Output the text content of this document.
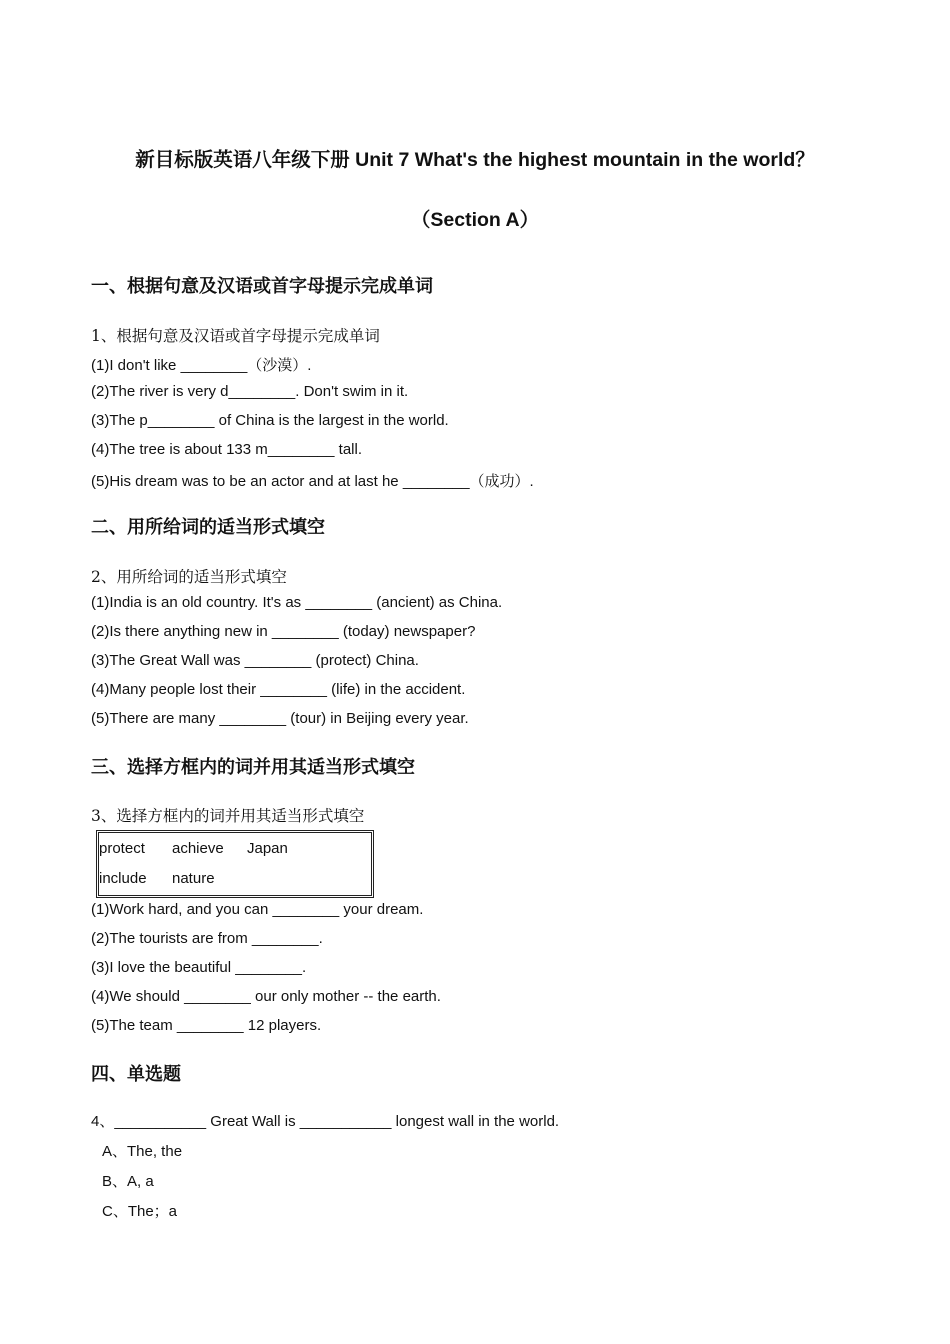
新目标版英语八年级下册 Unit 7 What's the highest mountain in the world？
（Section A）
一、根据句意及汉语或首字母提示完成单词
1、根据句意及汉语或首字母提示完成单词
(1)I don't like ________（沙漠）.
(2)The river is very d________. Don't swim in it.
(3)The p________ of China is the largest in the world.
(4)The tree is about 133 m________ tall.
(5)His dream was to be an actor and at last he ________（成功）.
二、用所给词的适当形式填空
2、用所给词的适当形式填空
(1)India is an old country. It's as ________ (ancient) as China.
(2)Is there anything new in ________ (today) newspaper?
(3)The Great Wall was ________ (protect) China.
(4)Many people lost their ________ (life) in the accident.
(5)There are many ________ (tour) in Beijing every year.
三、选择方框内的词并用其适当形式填空
3、选择方框内的词并用其适当形式填空
protect achieve Japan
include nature
(1)Work hard, and you can ________ your dream.
(2)The tourists are from ________.
(3)I love the beautiful ________.
(4)We should ________ our only mother -- the earth.
(5)The team ________ 12 players.
四、单选题
4、___________ Great Wall is ___________ longest wall in the world.
A、The, the
B、A, a
C、The；a
